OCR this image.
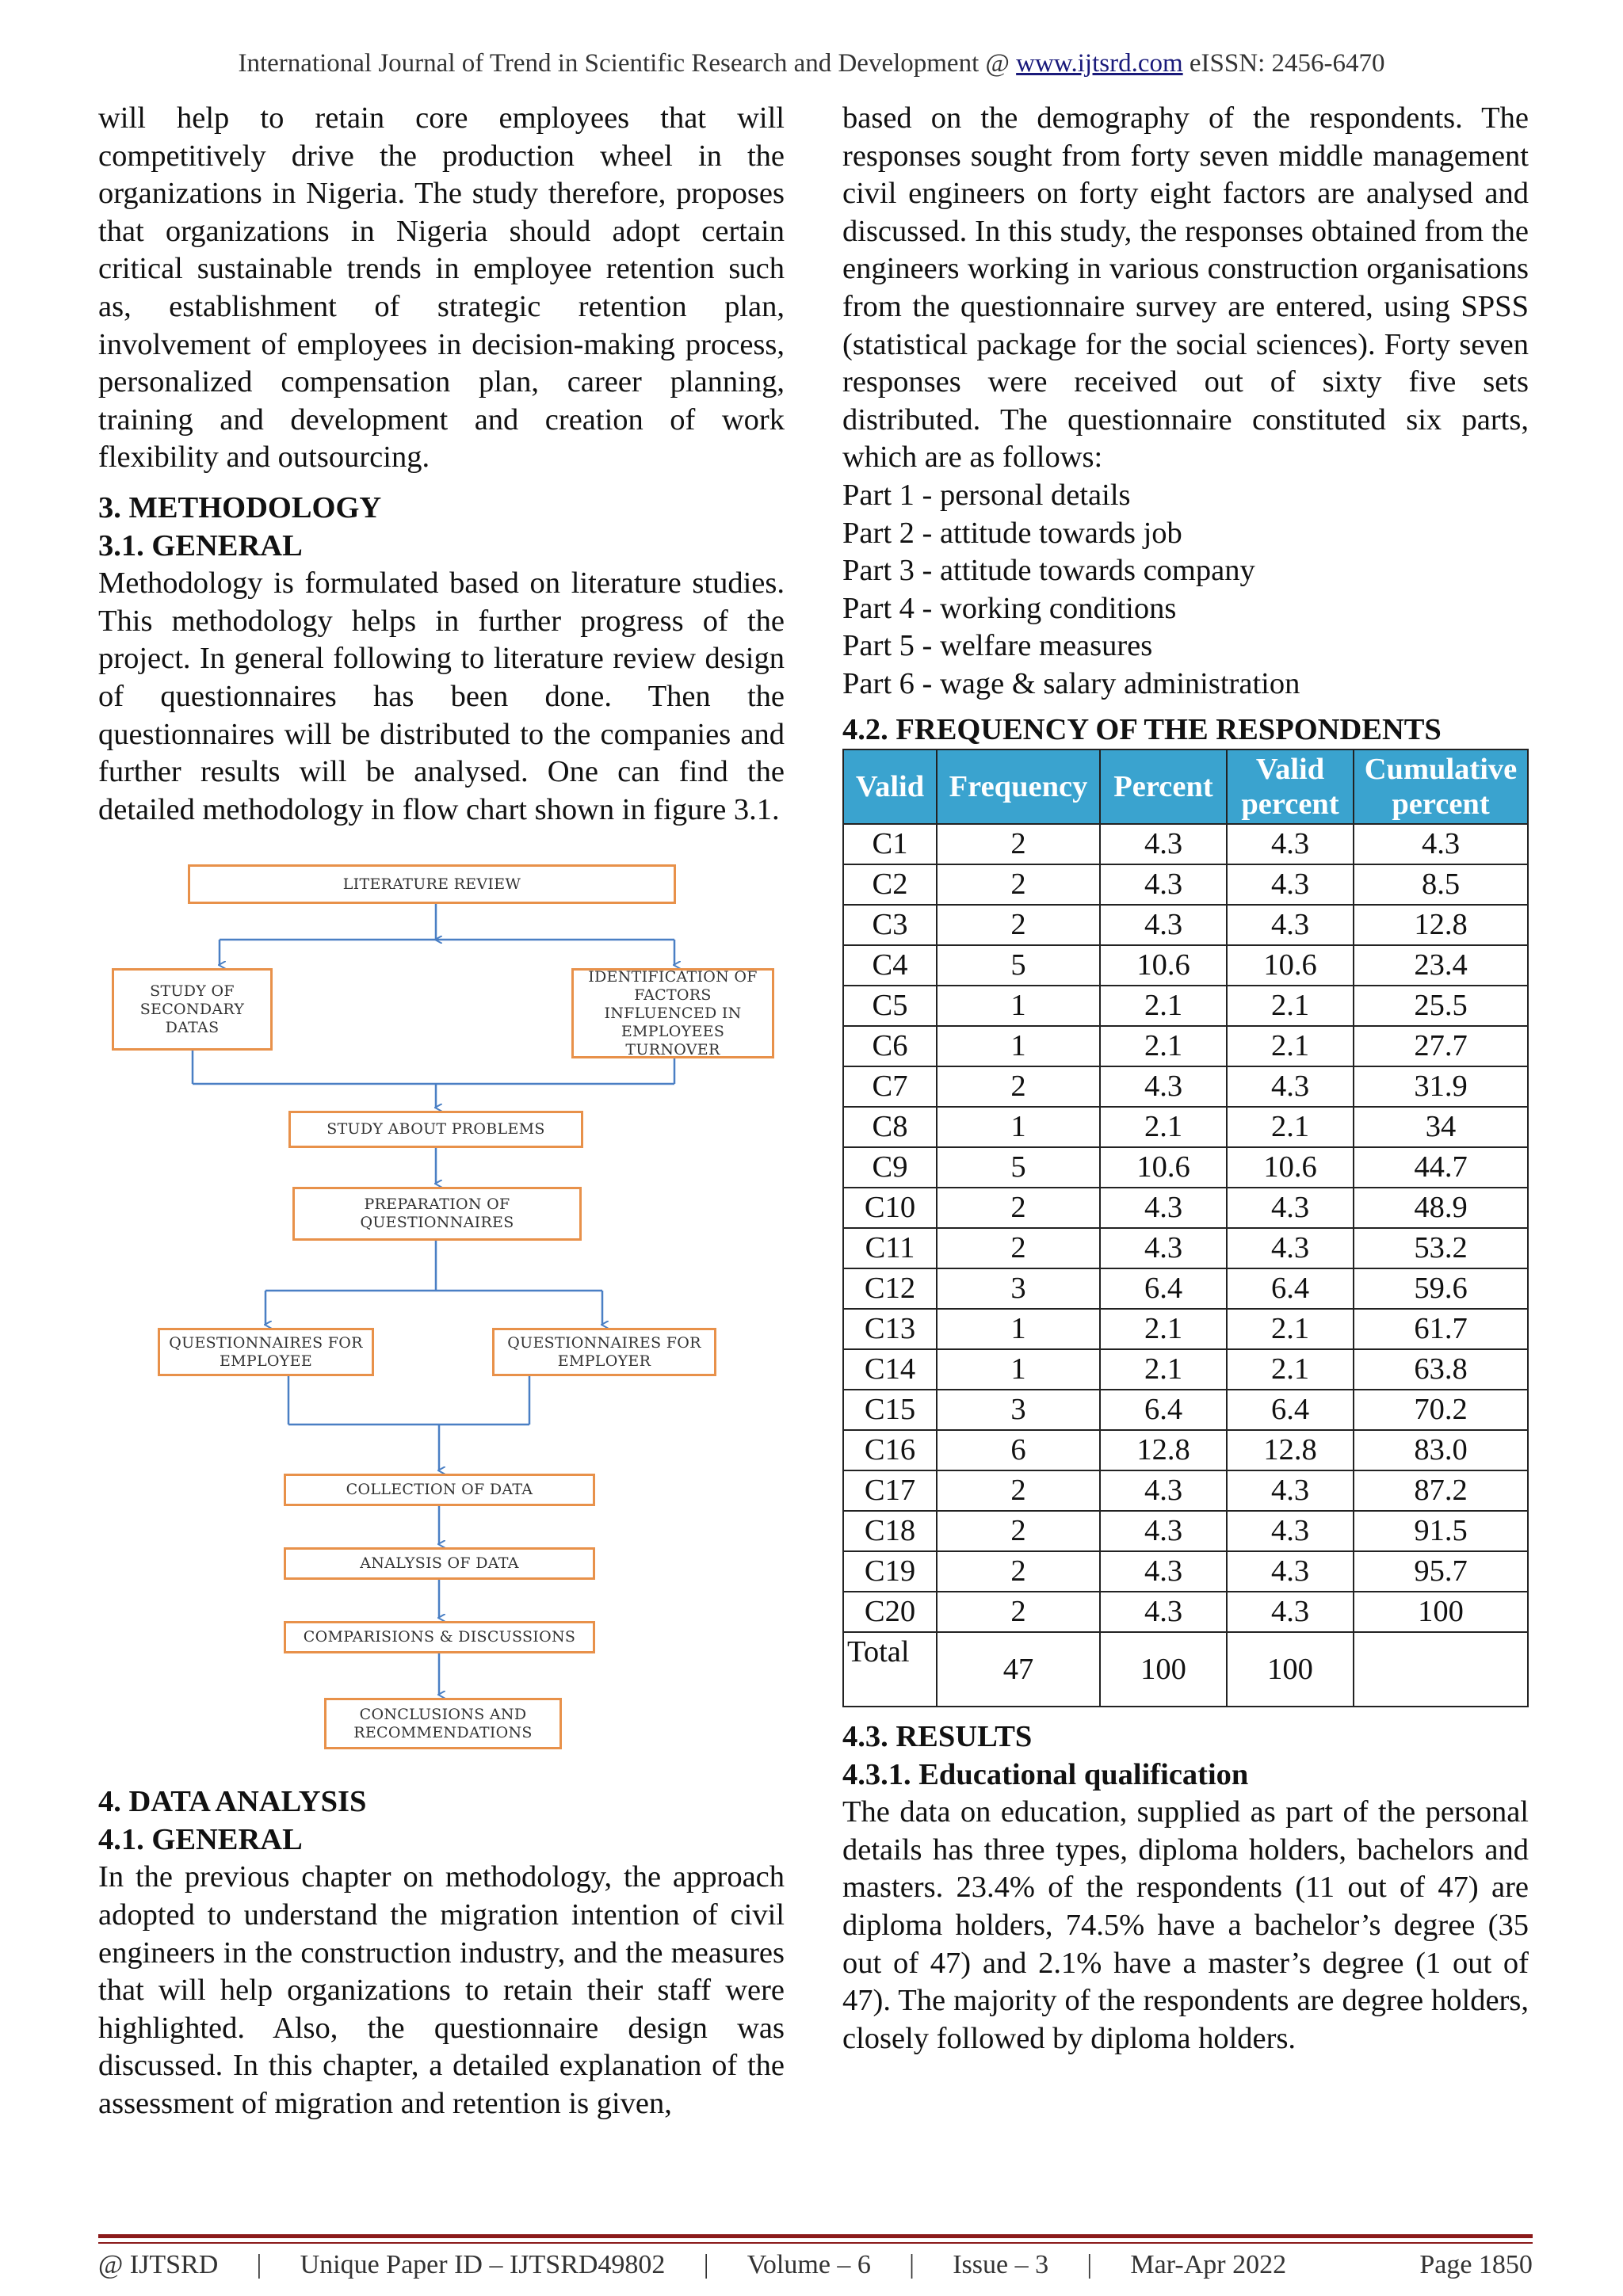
International Journal of Trend in Scientific Research and Development @ www.ijtsrd.com eISSN: 2456-6470

will help to retain core employees that will competitively drive the production wheel in the organizations in Nigeria. The study therefore, proposes that organizations in Nigeria should adopt certain critical sustainable trends in employee retention such as, establishment of strategic retention plan, involvement of employees in decision-making process, personalized compensation plan, career planning, training and development and creation of work flexibility and outsourcing.

3. METHODOLOGY
3.1. GENERAL

Methodology is formulated based on literature studies. This methodology helps in further progress of the project. In general following to literature review design of questionnaires has been done. Then the questionnaires will be distributed to the companies and further results will be analysed. One can find the detailed methodology in flow chart shown in figure 3.1.

LITERATURE REVIEW
STUDY OF SECONDARY DATAS
IDENTIFICATION OF FACTORS INFLUENCED IN EMPLOYEES TURNOVER
STUDY ABOUT PROBLEMS
PREPARATION OF QUESTIONNAIRES
QUESTIONNAIRES FOR EMPLOYEE
QUESTIONNAIRES FOR EMPLOYER
COLLECTION OF DATA
ANALYSIS OF DATA
COMPARISIONS & DISCUSSIONS
CONCLUSIONS AND RECOMMENDATIONS
4. DATA ANALYSIS
4.1. GENERAL

In the previous chapter on methodology, the approach adopted to understand the migration intention of civil engineers in the construction industry, and the measures that will help organizations to retain their staff were highlighted. Also, the questionnaire design was discussed. In this chapter, a detailed explanation of the assessment of migration and retention is given,

based on the demography of the respondents. The responses sought from forty seven middle management civil engineers on forty eight factors are analysed and discussed. In this study, the responses obtained from the engineers working in various construction organisations from the questionnaire survey are entered, using SPSS (statistical package for the social sciences). Forty seven responses were received out of sixty five sets distributed. The questionnaire constituted six parts, which are as follows:

Part 1 - personal details
Part 2 - attitude towards job
Part 3 - attitude towards company
Part 4 - working conditions
Part 5 - welfare measures
Part 6 - wage & salary administration
4.2. FREQUENCY OF THE RESPONDENTS
Valid	Frequency	Percent	Valid percent	Cumulative percent
C1	2	4.3	4.3	4.3
C2	2	4.3	4.3	8.5
C3	2	4.3	4.3	12.8
C4	5	10.6	10.6	23.4
C5	1	2.1	2.1	25.5
C6	1	2.1	2.1	27.7
C7	2	4.3	4.3	31.9
C8	1	2.1	2.1	34
C9	5	10.6	10.6	44.7
C10	2	4.3	4.3	48.9
C11	2	4.3	4.3	53.2
C12	3	6.4	6.4	59.6
C13	1	2.1	2.1	61.7
C14	1	2.1	2.1	63.8
C15	3	6.4	6.4	70.2
C16	6	12.8	12.8	83.0
C17	2	4.3	4.3	87.2
C18	2	4.3	4.3	91.5
C19	2	4.3	4.3	95.7
C20	2	4.3	4.3	100
Total	47	100	100	
4.3. RESULTS
4.3.1. Educational qualification

The data on education, supplied as part of the personal details has three types, diploma holders, bachelors and masters. 23.4% of the respondents (11 out of 47) are diploma holders, 74.5% have a bachelor’s degree (35 out of 47) and 2.1% have a master’s degree (1 out of 47). The majority of the respondents are degree holders, closely followed by diploma holders.

@ IJTSRD | Unique Paper ID – IJTSRD49802 | Volume – 6 | Issue – 3 | Mar-Apr 2022	Page 1850
